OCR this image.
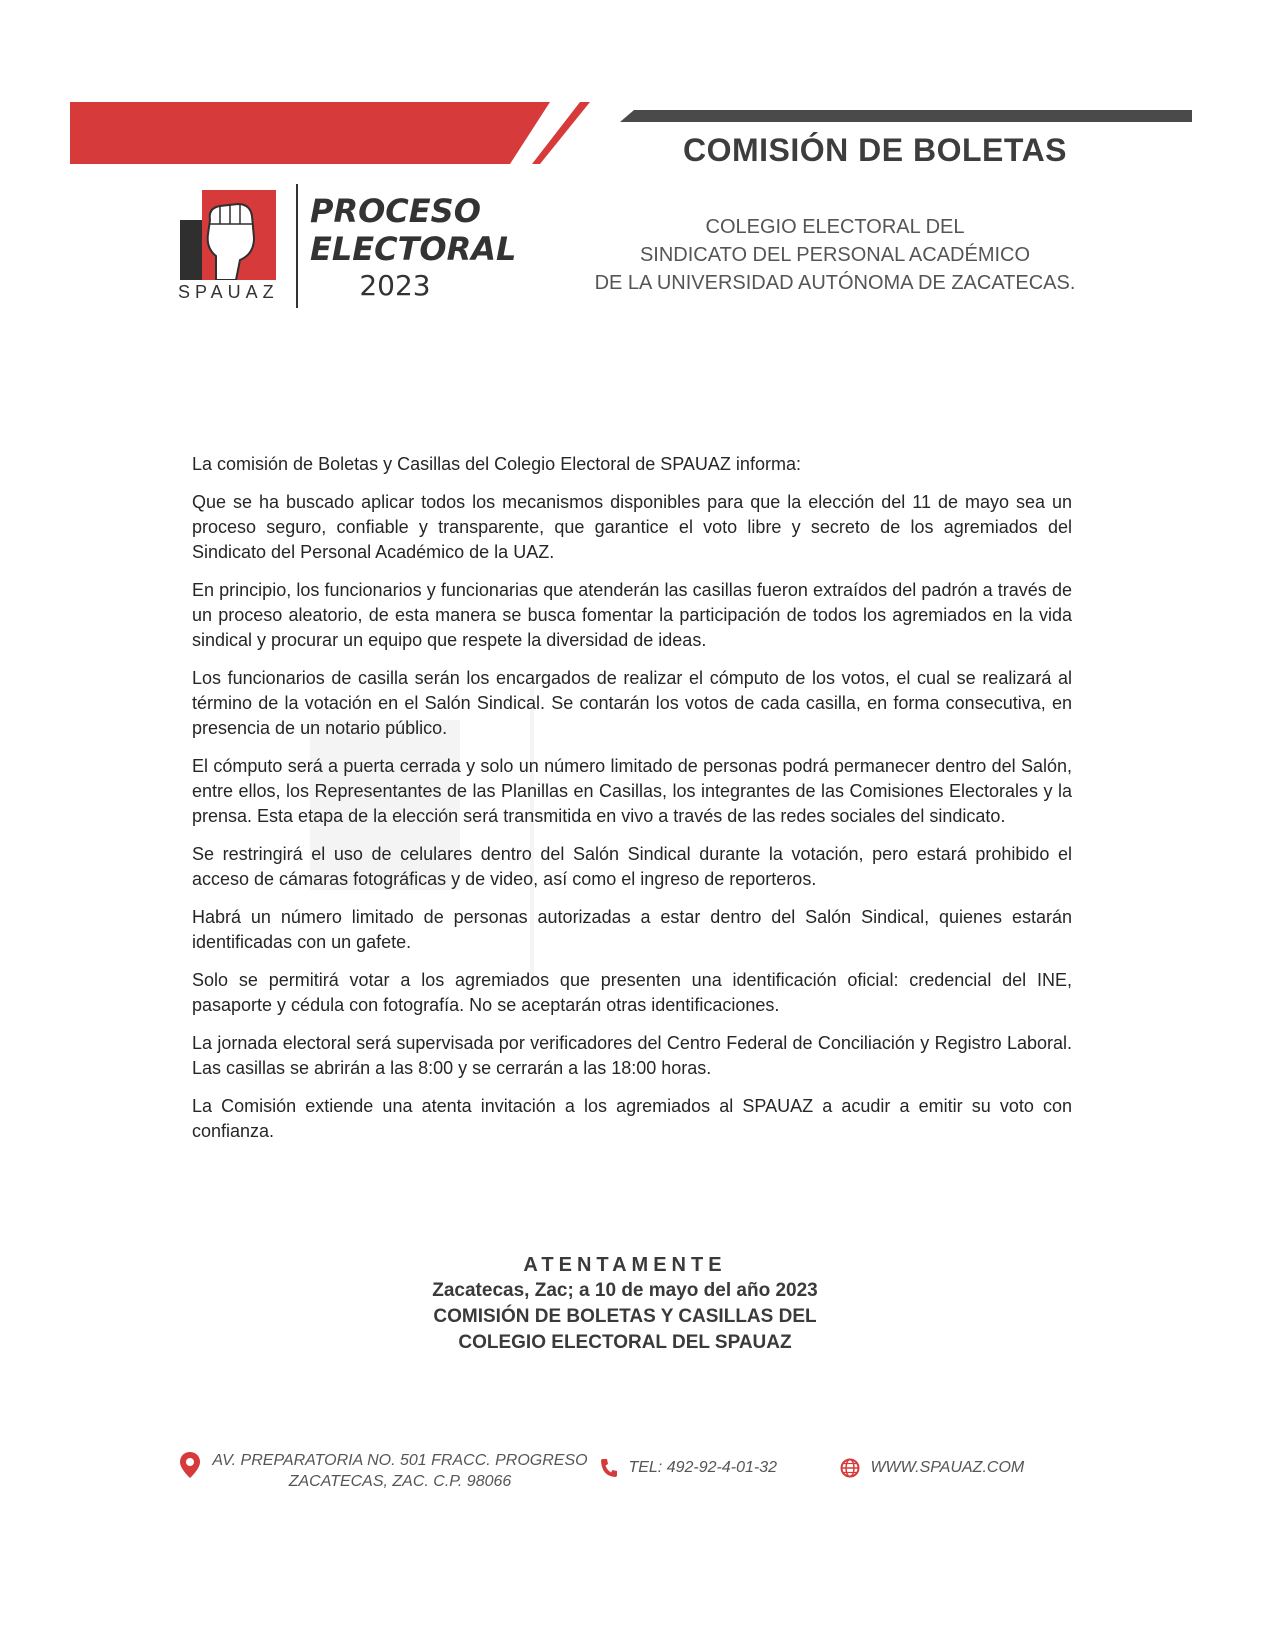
COMISIÓN DE BOLETAS
SPAUAZ
PROCESO
ELECTORAL
2023
COLEGIO ELECTORAL DEL
SINDICATO DEL PERSONAL ACADÉMICO
DE LA UNIVERSIDAD AUTÓNOMA DE ZACATECAS.

La comisión de Boletas y Casillas del Colegio Electoral de SPAUAZ informa:

Que se ha buscado aplicar todos los mecanismos disponibles para que la elección del 11 de mayo sea un proceso seguro, confiable y transparente, que garantice el voto libre y secreto de los agremiados del Sindicato del Personal Académico de la UAZ.

En principio, los funcionarios y funcionarias que atenderán las casillas fueron extraídos del padrón a través de un proceso aleatorio, de esta manera se busca fomentar la participación de todos los agremiados en la vida sindical y procurar un equipo que respete la diversidad de ideas.

Los funcionarios de casilla serán los encargados de realizar el cómputo de los votos, el cual se realizará al término de la votación en el Salón Sindical. Se contarán los votos de cada casilla, en forma consecutiva, en presencia de un notario público.

El cómputo será a puerta cerrada y solo un número limitado de personas podrá permanecer dentro del Salón, entre ellos, los Representantes de las Planillas en Casillas, los integrantes de las Comisiones Electorales y la prensa. Esta etapa de la elección será transmitida en vivo a través de las redes sociales del sindicato.

Se restringirá el uso de celulares dentro del Salón Sindical durante la votación, pero estará prohibido el acceso de cámaras fotográficas y de video, así como el ingreso de reporteros.

Habrá un número limitado de personas autorizadas a estar dentro del Salón Sindical, quienes estarán identificadas con un gafete.

Solo se permitirá votar a los agremiados que presenten una identificación oficial: credencial del INE, pasaporte y cédula con fotografía. No se aceptarán otras identificaciones.

La jornada electoral será supervisada por verificadores del Centro Federal de Conciliación y Registro Laboral. Las casillas se abrirán a las 8:00 y se cerrarán a las 18:00 horas.

La Comisión extiende una atenta invitación a los agremiados al SPAUAZ a acudir a emitir su voto con confianza.

ATENTAMENTE
Zacatecas, Zac; a 10 de mayo del año 2023
COMISIÓN DE BOLETAS Y CASILLAS DEL
COLEGIO ELECTORAL DEL SPAUAZ
AV. PREPARATORIA NO. 501 FRACC. PROGRESO
ZACATECAS, ZAC. C.P. 98066
TEL: 492-92-4-01-32	WWW.SPAUAZ.COM
